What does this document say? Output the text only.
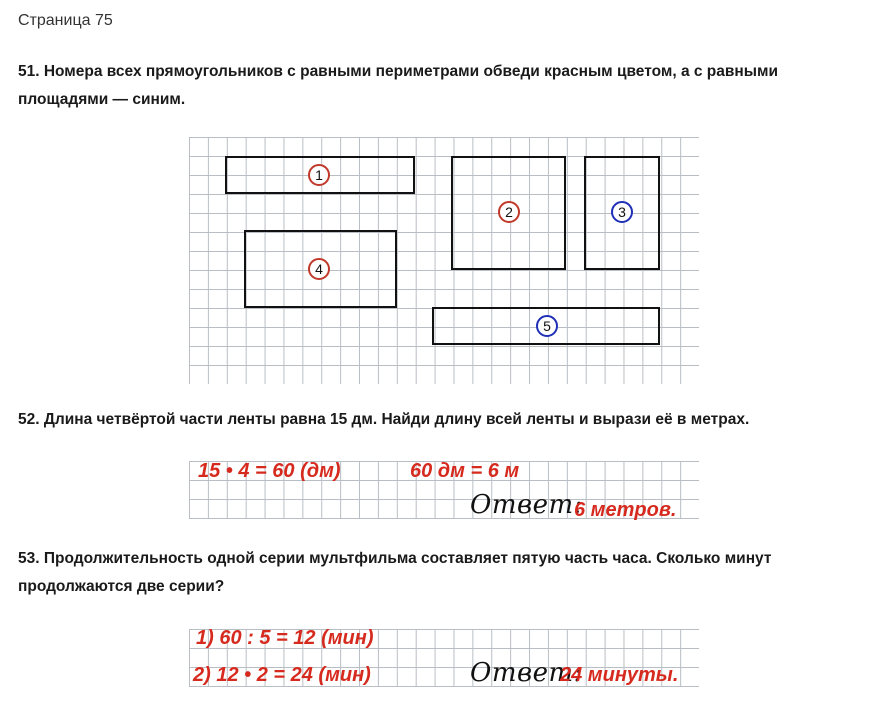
Страница 75
51. Номера всех прямоугольников с равными периметрами обведи красным цветом, а с равными площадями — синим.
1
2	3
4
5
52. Длина четвёртой части ленты равна 15 дм. Найди длину всей ленты и вырази её в метрах.
15 • 4 = 60 (дм)	60 дм = 6 м
Ответ:
6 метров.
53. Продолжительность одной серии мультфильма составляет пятую часть часа. Сколько минут продолжаются две серии?
1) 60 : 5 = 12 (мин)
2) 12 • 2 = 24 (мин)	Ответ:
24 минуты.
